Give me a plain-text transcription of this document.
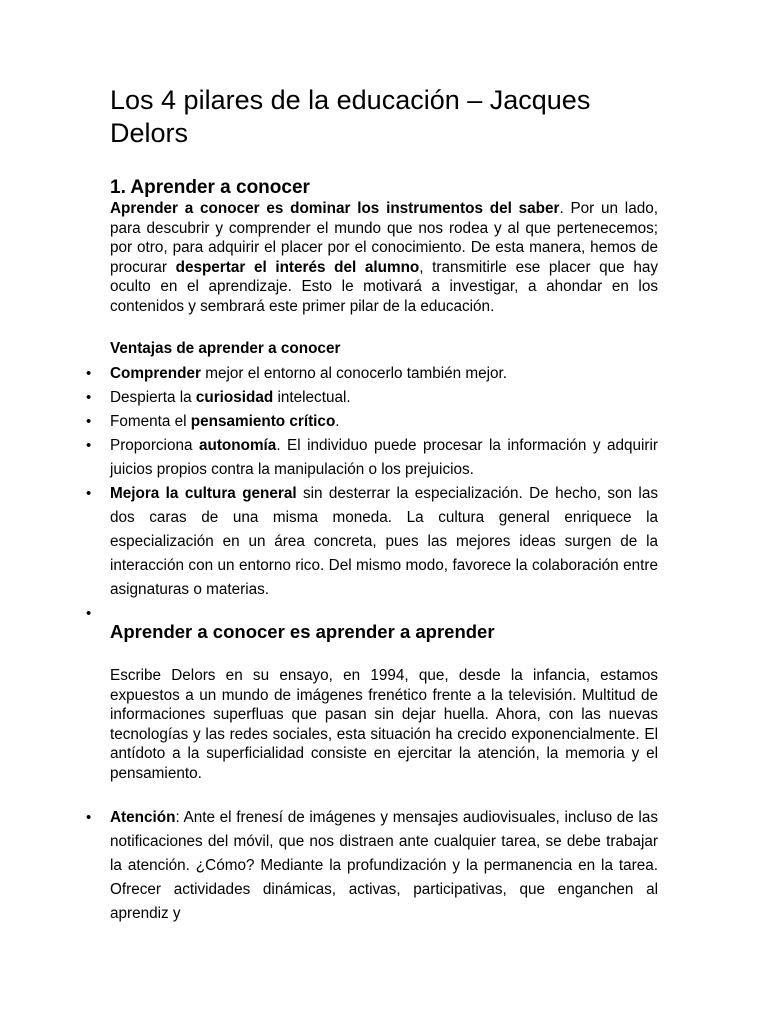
Los 4 pilares de la educación – Jacques Delors
1. Aprender a conocer

Aprender a conocer es dominar los instrumentos del saber. Por un lado, para descubrir y comprender el mundo que nos rodea y al que pertenecemos; por otro, para adquirir el placer por el conocimiento. De esta manera, hemos de procurar despertar el interés del alumno, transmitirle ese placer que hay oculto en el aprendizaje. Esto le motivará a investigar, a ahondar en los contenidos y sembrará este primer pilar de la educación.

Ventajas de aprender a conocer

• Comprender mejor el entorno al conocerlo también mejor.
• Despierta la curiosidad intelectual.
• Fomenta el pensamiento crítico.
• Proporciona autonomía. El individuo puede procesar la información y adquirir juicios propios contra la manipulación o los prejuicios.
• Mejora la cultura general sin desterrar la especialización. De hecho, son las dos caras de una misma moneda. La cultura general enriquece la especialización en un área concreta, pues las mejores ideas surgen de la interacción con un entorno rico. Del mismo modo, favorece la colaboración entre asignaturas o materias.
•

Aprender a conocer es aprender a aprender

Escribe Delors en su ensayo, en 1994, que, desde la infancia, estamos expuestos a un mundo de imágenes frenético frente a la televisión. Multitud de informaciones superfluas que pasan sin dejar huella. Ahora, con las nuevas tecnologías y las redes sociales, esta situación ha crecido exponencialmente. El antídoto a la superficialidad consiste en ejercitar la atención, la memoria y el pensamiento.

• Atención: Ante el frenesí de imágenes y mensajes audiovisuales, incluso de las notificaciones del móvil, que nos distraen ante cualquier tarea, se debe trabajar la atención. ¿Cómo? Mediante la profundización y la permanencia en la tarea. Ofrecer actividades dinámicas, activas, participativas, que enganchen al aprendiz y
